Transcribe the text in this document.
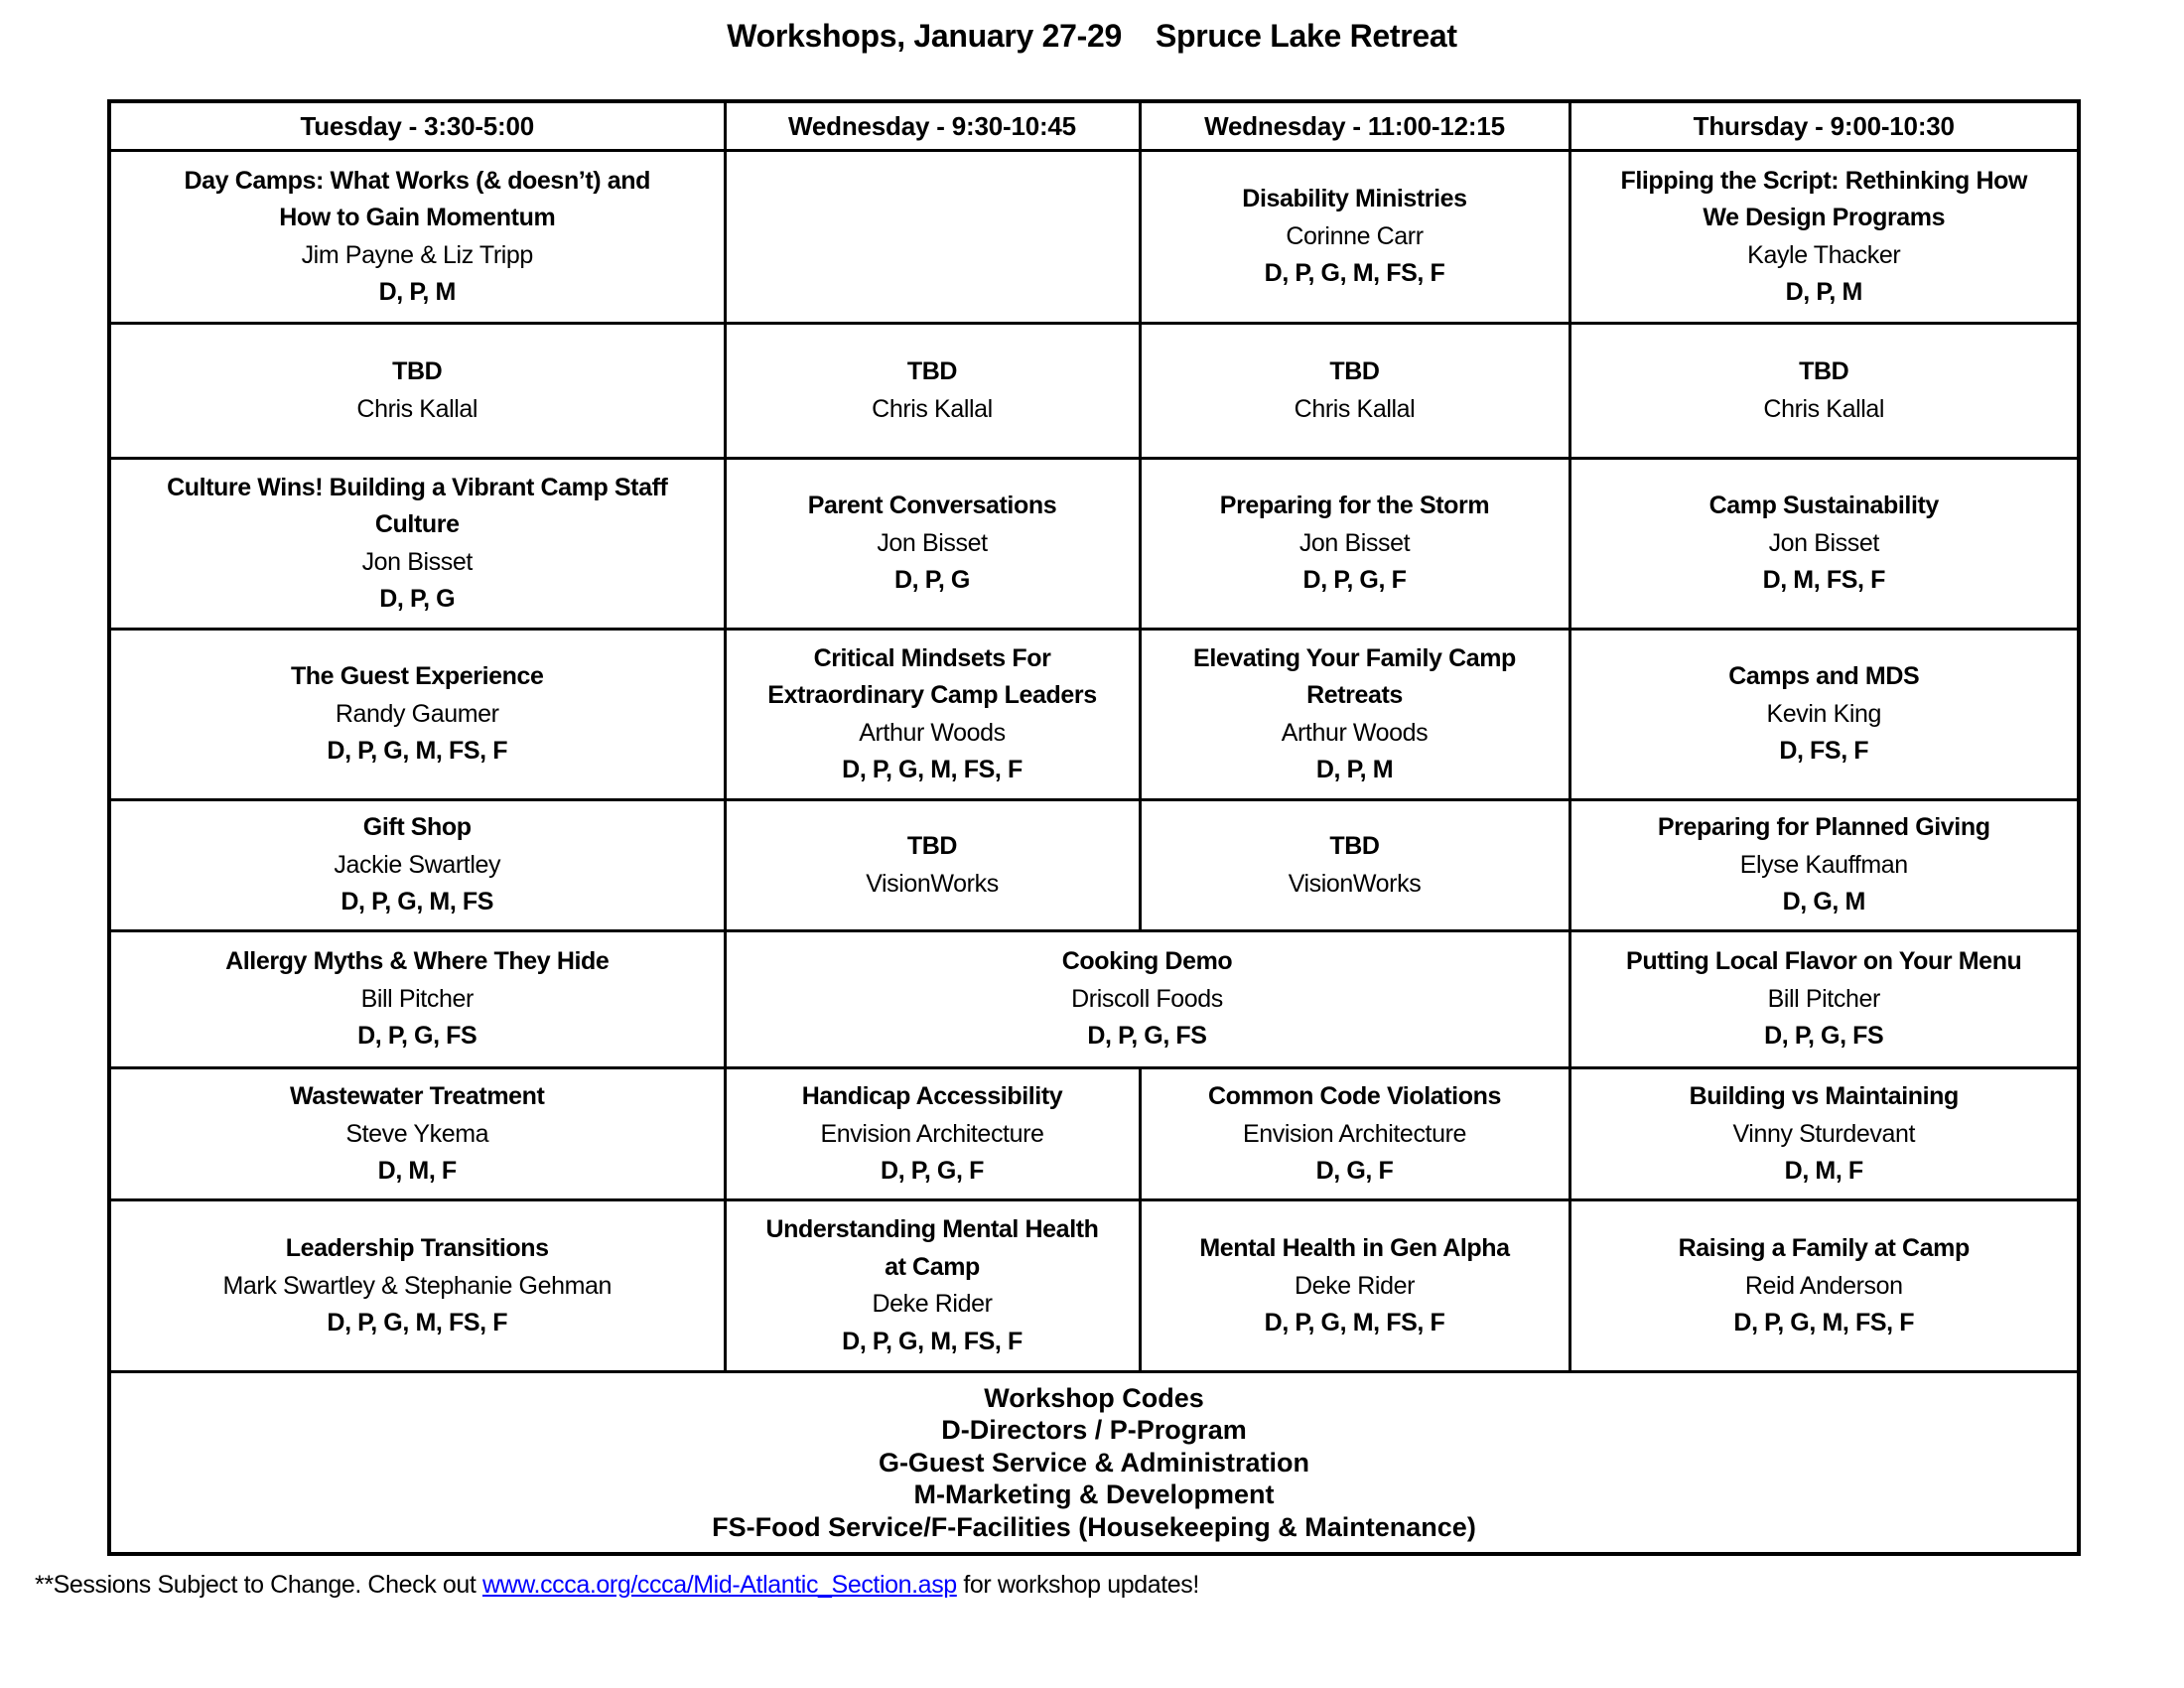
Workshops, January 27-29 Spruce Lake Retreat
Tuesday - 3:30-5:00	Wednesday - 9:30-10:45	Wednesday - 11:00-12:15	Thursday - 9:00-10:30

Day Camps: What Works (& doesn’t) and
How to Gain Momentum
Jim Payne & Liz Tripp
D, P, M		Disability Ministries
Corinne Carr
D, P, G, M, FS, F	Flipping the Script: Rethinking How
We Design Programs
Kayle Thacker
D, P, M

TBD
Chris Kallal	TBD
Chris Kallal	TBD
Chris Kallal	TBD
Chris Kallal

Culture Wins! Building a Vibrant Camp Staff
Culture
Jon Bisset
D, P, G	Parent Conversations
Jon Bisset
D, P, G	Preparing for the Storm
Jon Bisset
D, P, G, F	Camp Sustainability
Jon Bisset
D, M, FS, F

The Guest Experience
Randy Gaumer
D, P, G, M, FS, F	Critical Mindsets For
Extraordinary Camp Leaders
Arthur Woods
D, P, G, M, FS, F	Elevating Your Family Camp
Retreats
Arthur Woods
D, P, M	Camps and MDS
Kevin King
D, FS, F

Gift Shop
Jackie Swartley
D, P, G, M, FS	TBD
VisionWorks	TBD
VisionWorks	Preparing for Planned Giving
Elyse Kauffman
D, G, M

Allergy Myths & Where They Hide
Bill Pitcher
D, P, G, FS	Cooking Demo
Driscoll Foods
D, P, G, FS		Putting Local Flavor on Your Menu
Bill Pitcher
D, P, G, FS

Wastewater Treatment
Steve Ykema
D, M, F	Handicap Accessibility
Envision Architecture
D, P, G, F	Common Code Violations
Envision Architecture
D, G, F	Building vs Maintaining
Vinny Sturdevant
D, M, F

Leadership Transitions
Mark Swartley & Stephanie Gehman
D, P, G, M, FS, F	Understanding Mental Health
at Camp
Deke Rider
D, P, G, M, FS, F	Mental Health in Gen Alpha
Deke Rider
D, P, G, M, FS, F	Raising a Family at Camp
Reid Anderson
D, P, G, M, FS, F

Workshop Codes
D-Directors / P-Program
G-Guest Service & Administration
M-Marketing & Development
FS-Food Service/F-Facilities (Housekeeping & Maintenance)			
**Sessions Subject to Change. Check out www.ccca.org/ccca/Mid-Atlantic_Section.asp for workshop updates!
